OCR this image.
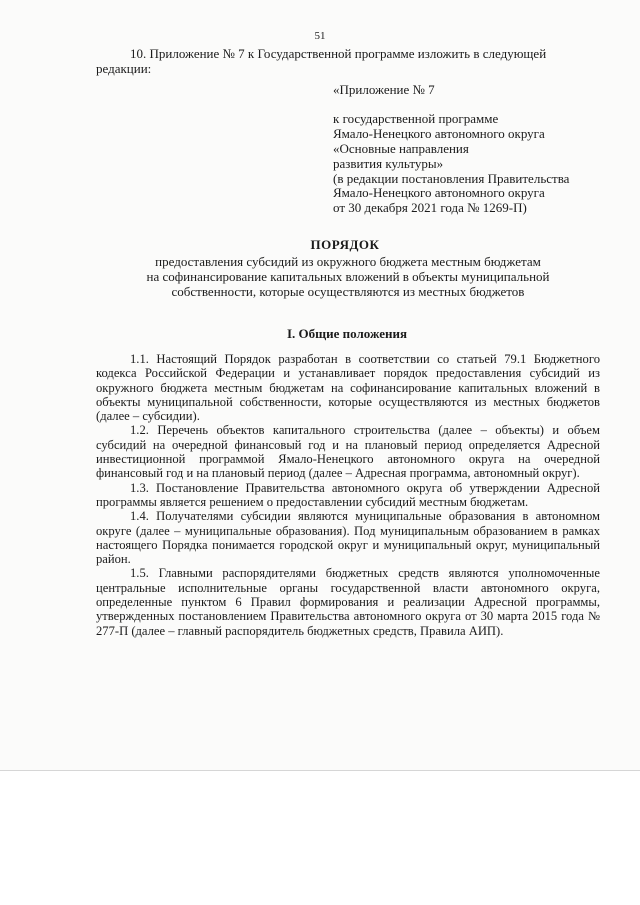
51
10. Приложение № 7 к Государственной программе изложить в следующей редакции:
«Приложение № 7
к государственной программе
Ямало-Ненецкого автономного округа
«Основные направления
развития культуры»
(в редакции постановления Правительства
Ямало-Ненецкого автономного округа
от 30 декабря 2021 года № 1269-П)
ПОРЯДОК
предоставления субсидий из окружного бюджета местным бюджетам
на софинансирование капитальных вложений в объекты муниципальной
собственности, которые осуществляются из местных бюджетов
I. Общие положения

1.1. Настоящий Порядок разработан в соответствии со статьей 79.1 Бюджетного кодекса Российской Федерации и устанавливает порядок предоставления субсидий из окружного бюджета местным бюджетам на софинансирование капитальных вложений в объекты муниципальной собственности, которые осуществляются из местных бюджетов (далее – субсидии).

1.2. Перечень объектов капитального строительства (далее – объекты) и объем субсидий на очередной финансовый год и на плановый период определяется Адресной инвестиционной программой Ямало-Ненецкого автономного округа на очередной финансовый год и на плановый период (далее – Адресная программа, автономный округ).

1.3. Постановление Правительства автономного округа об утверждении Адресной программы является решением о предоставлении субсидий местным бюджетам.

1.4. Получателями субсидии являются муниципальные образования в автономном округе (далее – муниципальные образования). Под муниципальным образованием в рамках настоящего Порядка понимается городской округ и муниципальный округ, муниципальный район.

1.5. Главными распорядителями бюджетных средств являются уполномоченные центральные исполнительные органы государственной власти автономного округа, определенные пунктом 6 Правил формирования и реализации Адресной программы, утвержденных постановлением Правительства автономного округа от 30 марта 2015 года № 277-П (далее – главный распорядитель бюджетных средств, Правила АИП).
